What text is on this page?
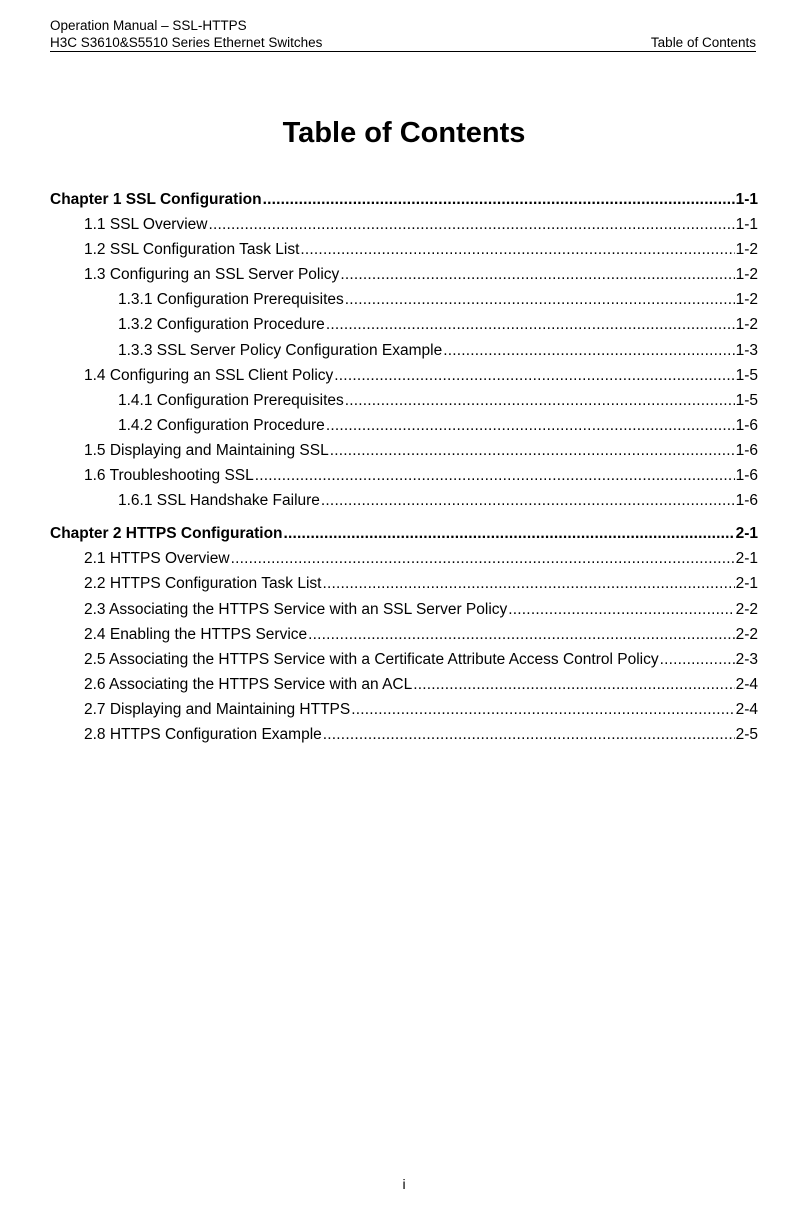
Operation Manual – SSL-HTTPS
H3C S3610&S5510 Series Ethernet Switches	Table of Contents
Table of Contents
Chapter 1 SSL Configuration .....	1-1
1.1 SSL Overview .....	1-1
1.2 SSL Configuration Task List .....	1-2
1.3 Configuring an SSL Server Policy .....	1-2
1.3.1 Configuration Prerequisites .....	1-2
1.3.2 Configuration Procedure .....	1-2
1.3.3 SSL Server Policy Configuration Example .....	1-3
1.4 Configuring an SSL Client Policy .....	1-5
1.4.1 Configuration Prerequisites .....	1-5
1.4.2 Configuration Procedure .....	1-6
1.5 Displaying and Maintaining SSL .....	1-6
1.6 Troubleshooting SSL .....	1-6
1.6.1 SSL Handshake Failure .....	1-6
Chapter 2 HTTPS Configuration .....	2-1
2.1 HTTPS Overview .....	2-1
2.2 HTTPS Configuration Task List .....	2-1
2.3 Associating the HTTPS Service with an SSL Server Policy .....	2-2
2.4 Enabling the HTTPS Service .....	2-2
2.5 Associating the HTTPS Service with a Certificate Attribute Access Control Policy .....	2-3
2.6 Associating the HTTPS Service with an ACL .....	2-4
2.7 Displaying and Maintaining HTTPS .....	2-4
2.8 HTTPS Configuration Example .....	2-5
i
